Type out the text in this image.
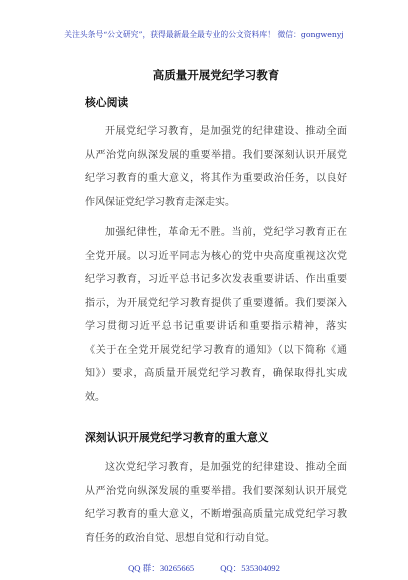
关注头条号“公文研究”，获得最新最全最专业的公文资料库！ 微信：gongwenyj
高质量开展党纪学习教育
核心阅读
开展党纪学习教育，是加强党的纪律建设、推动全面
从严治党向纵深发展的重要举措。我们要深刻认识开展党
纪学习教育的重大意义，将其作为重要政治任务，以良好
作风保证党纪学习教育走深走实。
加强纪律性，革命无不胜。当前，党纪学习教育正在
全党开展。以习近平同志为核心的党中央高度重视这次党
纪学习教育，习近平总书记多次发表重要讲话、作出重要
指示，为开展党纪学习教育提供了重要遵循。我们要深入
学习贯彻习近平总书记重要讲话和重要指示精神，落实
《关于在全党开展党纪学习教育的通知》（以下简称《通
知》）要求，高质量开展党纪学习教育，确保取得扎实成
效。
深刻认识开展党纪学习教育的重大意义
这次党纪学习教育，是加强党的纪律建设、推动全面
从严治党向纵深发展的重要举措。我们要深刻认识开展党
纪学习教育的重大意义，不断增强高质量完成党纪学习教
育任务的政治自觉、思想自觉和行动自觉。
QQ 群：30265665	QQ：535304092
